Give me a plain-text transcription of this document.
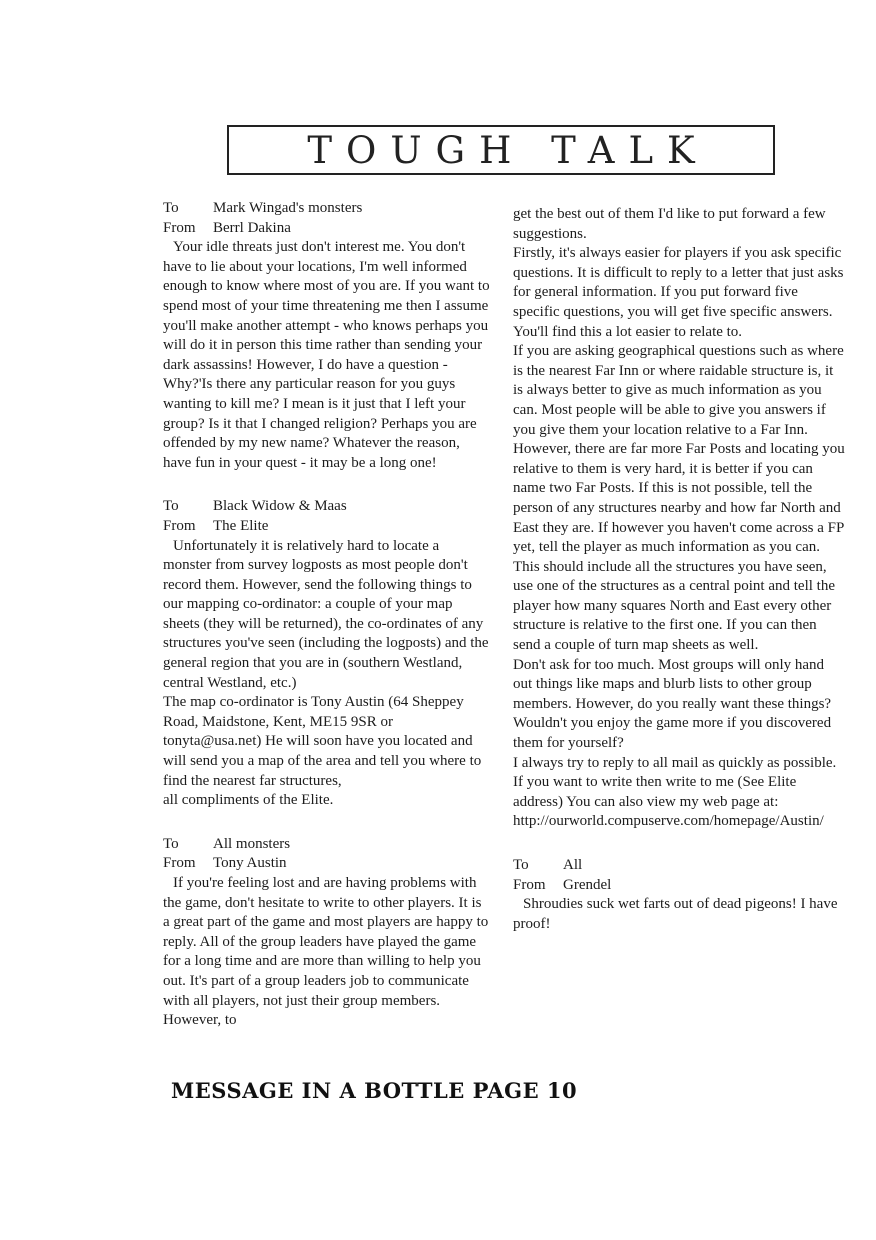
TOUGH TALK
To	Mark Wingad's monsters
From	Berrl Dakina

Your idle threats just don't interest me. You don't have to lie about your locations, I'm well informed enough to know where most of you are. If you want to spend most of your time threatening me then I assume you'll make another attempt - who knows perhaps you will do it in person this time rather than sending your dark assassins! However, I do have a question - Why?'Is there any particular reason for you guys wanting to kill me? I mean is it just that I left your group? Is it that I changed religion? Perhaps you are offended by my new name? Whatever the reason, have fun in your quest - it may be a long one!

To	Black Widow & Maas
From	The Elite

Unfortunately it is relatively hard to locate a monster from survey logposts as most people don't record them. However, send the following things to our mapping co-ordinator: a couple of your map sheets (they will be returned), the co-ordinates of any structures you've seen (including the logposts) and the general region that you are in (southern Westland, central Westland, etc.)

The map co-ordinator is Tony Austin (64 Sheppey Road, Maidstone, Kent, ME15 9SR or tonyta@usa.net) He will soon have you located and will send you a map of the area and tell you where to find the nearest far structures,

all compliments of the Elite.

To	All monsters
From	Tony Austin

If you're feeling lost and are having problems with the game, don't hesitate to write to other players. It is a great part of the game and most players are happy to reply. All of the group leaders have played the game for a long time and are more than willing to help you out. It's part of a group leaders job to communicate with all players, not just their group members. However, to

get the best out of them I'd like to put forward a few suggestions.

Firstly, it's always easier for players if you ask specific questions. It is difficult to reply to a letter that just asks for general information. If you put forward five specific questions, you will get five specific answers. You'll find this a lot easier to relate to.

If you are asking geographical questions such as where is the nearest Far Inn or where raidable structure is, it is always better to give as much information as you can. Most people will be able to give you answers if you give them your location relative to a Far Inn. However, there are far more Far Posts and locating you relative to them is very hard, it is better if you can name two Far Posts. If this is not possible, tell the person of any structures nearby and how far North and East they are. If however you haven't come across a FP yet, tell the player as much information as you can. This should include all the structures you have seen, use one of the structures as a central point and tell the player how many squares North and East every other structure is relative to the first one. If you can then send a couple of turn map sheets as well.

Don't ask for too much. Most groups will only hand out things like maps and blurb lists to other group members. However, do you really want these things? Wouldn't you enjoy the game more if you discovered them for yourself?

I always try to reply to all mail as quickly as possible. If you want to write then write to me (See Elite address) You can also view my web page at: http://ourworld.compuserve.com/homepage/Austin/

To	All
From	Grendel

Shroudies suck wet farts out of dead pigeons! I have proof!

MESSAGE IN A BOTTLE PAGE 10
